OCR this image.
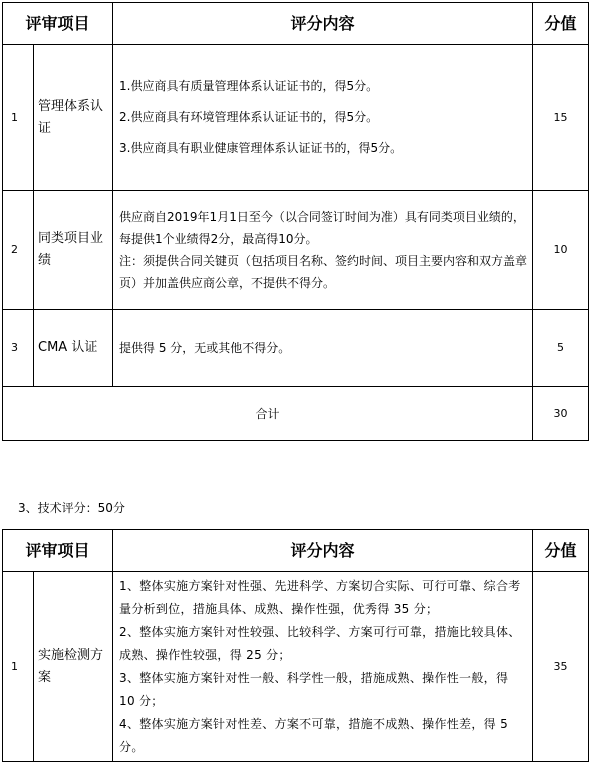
评审项目		评分内容	分值
1	管理体系认证	1.供应商具有质量管理体系认证证书的，得5分。

2.供应商具有环境管理体系认证证书的，得5分。

3.供应商具有职业健康管理体系认证证书的，得5分。	15
2	同类项目业绩	供应商自2019年1月1日至今（以合同签订时间为准）具有同类项目业绩的，每提供1个业绩得2分，最高得10分。

注：须提供合同关键页（包括项目名称、签约时间、项目主要内容和双方盖章页）并加盖供应商公章，不提供不得分。	10
3	CMA 认证	提供得 5 分，无或其他不得分。	5
合计			30
3、技术评分：50分
评审项目		评分内容	分值
1	实施检测方案	1、整体实施方案针对性强、先进科学、方案切合实际、可行可靠、综合考量分析到位，措施具体、成熟、操作性强，优秀得 35 分；

2、整体实施方案针对性较强、比较科学、方案可行可靠，措施比较具体、成熟、操作性较强，得 25 分；

3、整体实施方案针对性一般、科学性一般，措施成熟、操作性一般，得 10 分；

4、整体实施方案针对性差、方案不可靠，措施不成熟、操作性差，得 5 分。	35
